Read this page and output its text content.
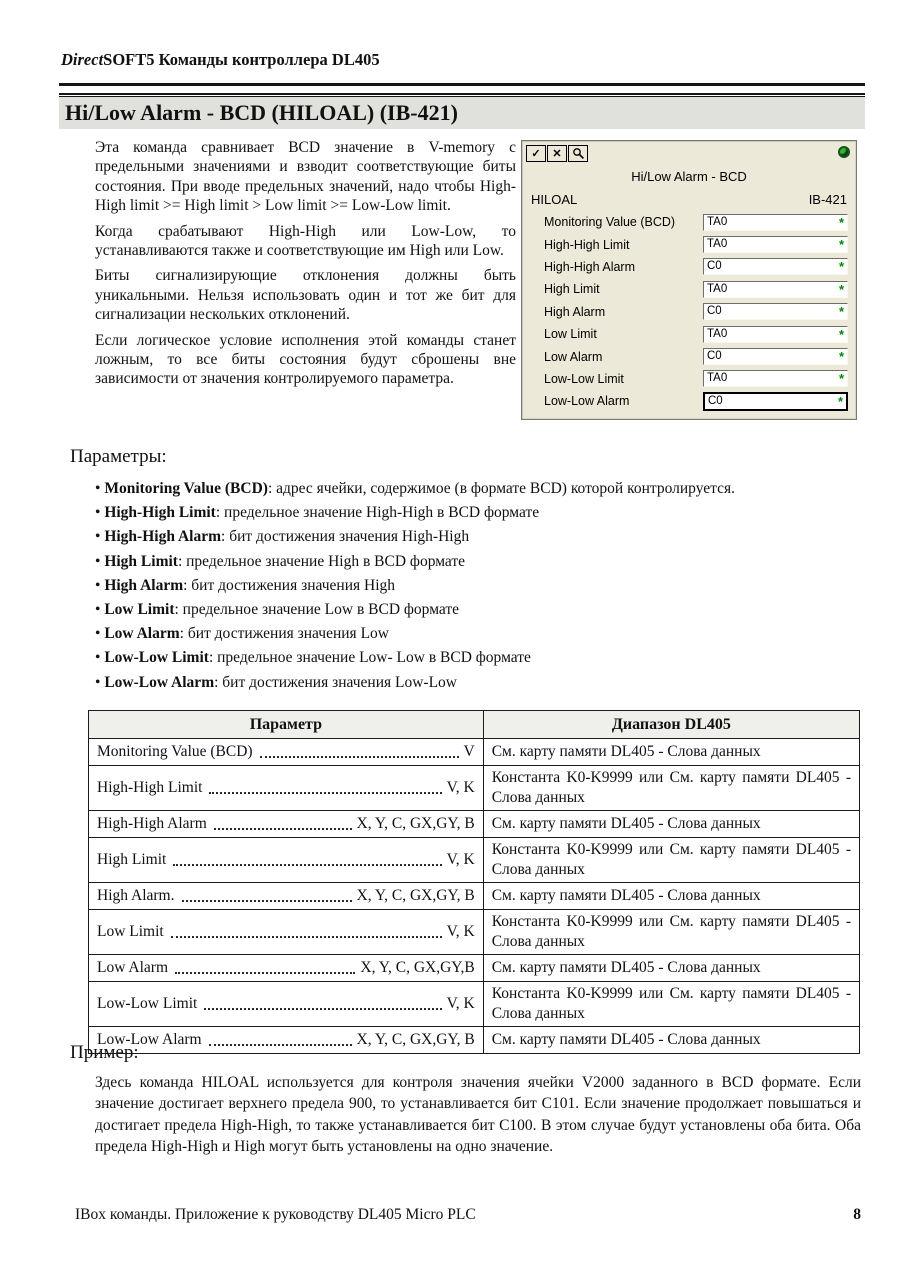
DirectSOFT5 Команды контроллера DL405
Hi/Low Alarm - BCD (HILOAL) (IB-421)

Эта команда сравнивает BCD значение в V-memory с предельными значениями и взводит соответствующие биты состояния. При вводе предельных значений, надо чтобы High-High limit >= High limit > Low limit >= Low-Low limit.

Когда срабатывают High-High или Low-Low, то устанавливаются также и соответствующие им High или Low.

Биты сигнализирующие отклонения должны быть уникальными. Нельзя использовать один и тот же бит для сигнализации нескольких отклонений.

Если логическое условие исполнения этой команды станет ложным, то все биты состояния будут сброшены вне зависимости от значения контролируемого параметра.

✓ ✕
Hi/Low Alarm - BCD
HILOAL	IB-421
Monitoring Value (BCD)	TA0	*
High-High Limit	TA0	*
High-High Alarm	C0	*
High Limit	TA0	*
High Alarm	C0	*
Low Limit	TA0	*
Low Alarm	C0	*
Low-Low Limit	TA0	*
Low-Low Alarm	C0	*
Параметры:
• Monitoring Value (BCD): адрес ячейки, содержимое (в формате BCD) которой контролируется.
• High-High Limit: предельное значение High-High в BCD формате
• High-High Alarm: бит достижения значения High-High
• High Limit: предельное значение High в BCD формате
• High Alarm: бит достижения значения High
• Low Limit: предельное значение Low в BCD формате
• Low Alarm: бит достижения значения Low
• Low-Low Limit: предельное значение Low- Low в BCD формате
• Low-Low Alarm: бит достижения значения Low-Low
Параметр	Диапазон DL405

Monitoring Value (BCD) V	См. карту памяти DL405 - Слова данных

High-High Limit V, K	Константа K0-K9999 или См. карту памяти DL405 - Слова данных

High-High Alarm X, Y, C, GX,GY, B	См. карту памяти DL405 - Слова данных

High Limit V, K	Константа K0-K9999 или См. карту памяти DL405 - Слова данных

High Alarm. X, Y, C, GX,GY, B	См. карту памяти DL405 - Слова данных

Low Limit V, K	Константа K0-K9999 или См. карту памяти DL405 - Слова данных

Low Alarm X, Y, C, GX,GY,B	См. карту памяти DL405 - Слова данных

Low-Low Limit V, K	Константа K0-K9999 или См. карту памяти DL405 - Слова данных

Low-Low Alarm X, Y, C, GX,GY, B	См. карту памяти DL405 - Слова данных
Пример:
Здесь команда HILOAL используется для контроля значения ячейки V2000 заданного в BCD формате. Если значение достигает верхнего предела 900, то устанавливается бит C101. Если значение продолжает повышаться и достигает предела High-High, то также устанавливается бит C100. В этом случае будут установлены оба бита. Оба предела High-High и High могут быть установлены на одно значение.
IBox команды. Приложение к руководству DL405 Micro PLC	8
